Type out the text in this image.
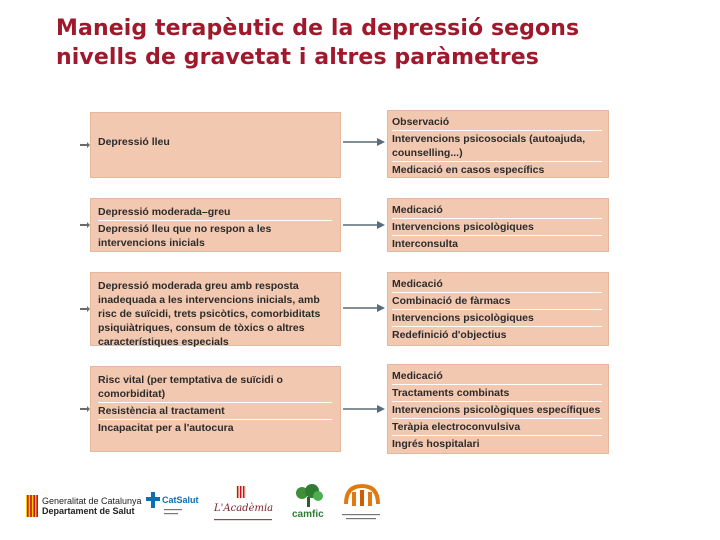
Maneig terapèutic de la depressió segons
nivells de gravetat i altres paràmetres
Depressió lleu
Observació
Intervencions psicosocials (autoajuda, counselling...)
Medicació en casos específics
Depressió moderada–greu
Depressió lleu que no respon a les intervencions inicials
Medicació
Intervencions psicològiques
Interconsulta
Depressió moderada greu amb resposta inadequada a les intervencions inicials, amb risc de suïcidi, trets psicòtics, comorbiditats psiquiàtriques, consum de tòxics o altres característiques especials
Medicació
Combinació de fàrmacs
Intervencions psicològiques
Redefinició d'objectius
Risc vital (per temptativa de suïcidi o comorbiditat)
Resistència al tractament
Incapacitat per a l'autocura
Medicació
Tractaments combinats
Intervencions psicològiques específiques
Teràpia electroconvulsiva
Ingrés hospitalari
Generalitat de Catalunya
Departament de Salut
CatSalut
L'Acadèmia
camfic
